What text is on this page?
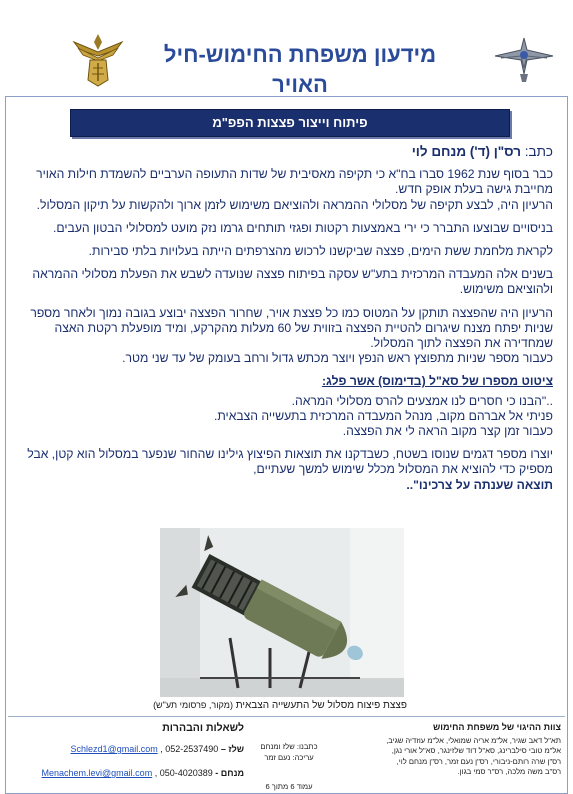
מידעון משפחת החימוש-חיל האויר
פיתוח וייצור פצצות הפפ"מ

כתב: רס"ן (ד') מנחם לוי

כבר בסוף שנת 1962 סברו בח"א כי תקיפה מאסיבית של שדות התעופה הערביים להשמדת חילות האויר מחייבת גישה בעלת אופק חדש.
הרעיון היה, לבצע תקיפה של מסלולי ההמראה ולהוציאם משימוש לזמן ארוך ולהקשות על תיקון המסלול.

בניסויים שבוצעו התברר כי ירי באמצעות רקטות ופגזי תותחים גרמו נזק מועט למסלולי הבטון העבים.

לקראת מלחמת ששת הימים, פצצה שביקשנו לרכוש מהצרפתים הייתה בעלויות בלתי סבירות.

בשנים אלה המעבדה המרכזית בתע"ש עסקה בפיתוח פצצה שנועדה לשבש את הפעלת מסלולי ההמראה ולהוציאם משימוש.

הרעיון היה שהפצצה תותקן על המטוס כמו כל פצצת אויר, שחרור הפצצה יבוצע בגובה נמוך ולאחר מספר שניות יפתח מצנח שיגרום להטיית הפצצה בזווית של 60 מעלות מהקרקע, ומיד מופעלת רקטת האצה שמחדירה את הפצצה לתוך המסלול.
כעבור מספר שניות מתפוצץ ראש הנפץ ויוצר מכתש גדול ורחב בעומק של עד שני מטר.

ציטוט מספרו של סא"ל (בדימוס) אשר פלג:

.."הבנו כי חסרים לנו אמצעים להרס מסלולי המראה.
פניתי אל אברהם מקוב, מנהל המעבדה המרכזית בתעשייה הצבאית.
כעבור זמן קצר מקוב הראה לי את הפצצה.

יוצרו מספר דגמים שנוסו בשטח, כשבדקנו את תוצאות הפיצוץ גילינו שהחור שנפער במסלול הוא קטן, אבל מספיק כדי להוציא את המסלול מכלל שימוש למשך שעתיים,
תוצאה שענתה על צרכינו"..

פצצת פיצוח מסלול של התעשייה הצבאית (מקור, פרסומי תע"ש)
צוות ההיגוי של משפחת החימוש
תא"ל דאב שגיר, אל"מ אריה שמואלי, אל"מ עוזדיה שגיב,
אל"מ טובי סילברינג, סא"ל דוד שלזינגר, סא"ל אורי נגן,
רס"ן שרה רותם-ניבורי, רס"ן נעם זמר, רס"ן מנחם לוי,
רס"ב משה מלכה, רס"ר סמי בגון.
כתבנו: שלז ומנחם
עריכה: נעם זמר
עמוד 6 מתוך 6
לשאלות והבהרות
שלז – 052-2537490 , Schlezd1@gmail.com
מנחם - 050-4020389 , Menachem.levi@gmail.com
